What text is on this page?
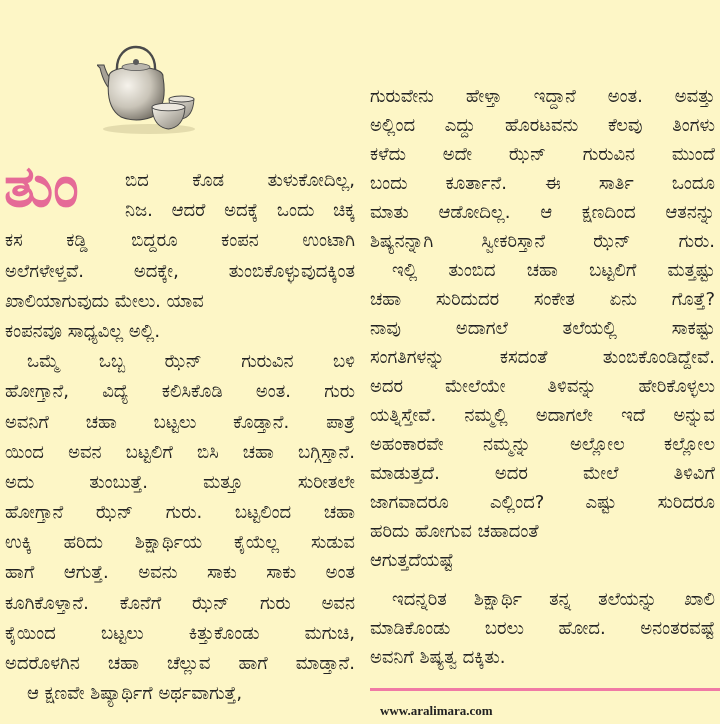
ತುಂ	ಬಿದ ಕೊಡ ತುಳುಕೋದಿಲ್ಲ,
ನಿಜ. ಆದರೆ ಅದಕ್ಕೆ ಒಂದು ಚಿಕ್ಕ
ಕಸ ಕಡ್ಡಿ ಬಿದ್ದರೂ ಕಂಪನ ಉಂಟಾಗಿ
ಅಲೆಗಳೇಳ್ತವೆ. ಅದಕ್ಕೇ, ತುಂಬಿಕೊಳ್ಳುವುದಕ್ಕಿಂತ
ಖಾಲಿಯಾಗುವುದು ಮೇಲು. ಯಾವ
ಕಂಪನವೂ ಸಾಧ್ಯವಿಲ್ಲ ಅಲ್ಲಿ.
ಒಮ್ಮೆ ಒಬ್ಬ ಝೆನ್ ಗುರುವಿನ ಬಳಿ
ಹೋಗ್ತಾನೆ, ವಿದ್ಯೆ ಕಲಿಸಿಕೊಡಿ ಅಂತ. ಗುರು
ಅವನಿಗೆ ಚಹಾ ಬಟ್ಟಲು ಕೊಡ್ತಾನೆ. ಪಾತ್ರೆ
ಯಿಂದ ಅವನ ಬಟ್ಟಲಿಗೆ ಬಿಸಿ ಚಹಾ ಬಗ್ಗಿಸ್ತಾನೆ.
ಅದು ತುಂಬುತ್ತೆ. ಮತ್ತೂ ಸುರೀತಲೇ
ಹೋಗ್ತಾನೆ ಝೆನ್ ಗುರು. ಬಟ್ಟಲಿಂದ ಚಹಾ
ಉಕ್ಕಿ ಹರಿದು ಶಿಕ್ಷಾರ್ಥಿಯ ಕೈಯೆಲ್ಲ ಸುಡುವ
ಹಾಗೆ ಆಗುತ್ತೆ. ಅವನು ಸಾಕು ಸಾಕು ಅಂತ
ಕೂಗಿಕೊಳ್ತಾನೆ. ಕೊನೆಗೆ ಝೆನ್ ಗುರು ಅವನ
ಕೈಯಿಂದ ಬಟ್ಟಲು ಕಿತ್ತುಕೊಂಡು ಮಗುಚಿ,
ಅದರೊಳಗಿನ ಚಹಾ ಚೆಲ್ಲುವ ಹಾಗೆ ಮಾಡ್ತಾನೆ.
ಆ ಕ್ಷಣವೇ ಶಿಷ್ಯಾರ್ಥಿಗೆ ಅರ್ಥವಾಗುತ್ತೆ,
ಗುರುವೇನು ಹೇಳ್ತಾ ಇದ್ದಾನೆ ಅಂತ. ಅವತ್ತು
ಅಲ್ಲಿಂದ ಎದ್ದು ಹೊರಟವನು ಕೆಲವು ತಿಂಗಳು
ಕಳೆದು ಅದೇ ಝೆನ್ ಗುರುವಿನ ಮುಂದೆ
ಬಂದು ಕೂರ್ತಾನೆ. ಈ ಸಾರ್ತಿ ಒಂದೂ
ಮಾತು ಆಡೋದಿಲ್ಲ. ಆ ಕ್ಷಣದಿಂದ ಆತನನ್ನು
ಶಿಷ್ಯನನ್ನಾಗಿ ಸ್ವೀಕರಿಸ್ತಾನೆ ಝೆನ್ ಗುರು.
ಇಲ್ಲಿ ತುಂಬಿದ ಚಹಾ ಬಟ್ಟಲಿಗೆ ಮತ್ತಷ್ಟು
ಚಹಾ ಸುರಿದುದರ ಸಂಕೇತ ಏನು ಗೊತ್ತೆ?
ನಾವು ಅದಾಗಲೆ ತಲೆಯಲ್ಲಿ ಸಾಕಷ್ಟು
ಸಂಗತಿಗಳನ್ನು ಕಸದಂತೆ ತುಂಬಿಕೊಂಡಿದ್ದೇವೆ.
ಅದರ ಮೇಲೆಯೇ ತಿಳಿವನ್ನು ಹೇರಿಕೊಳ್ಳಲು
ಯತ್ನಿಸ್ತೇವೆ. ನಮ್ಮಲ್ಲಿ ಅದಾಗಲೇ ಇದೆ ಅನ್ನುವ
ಅಹಂಕಾರವೇ ನಮ್ಮನ್ನು ಅಲ್ಲೋಲ ಕಲ್ಲೋಲ
ಮಾಡುತ್ತದೆ. ಅದರ ಮೇಲೆ ತಿಳಿವಿಗೆ
ಜಾಗವಾದರೂ ಎಲ್ಲಿಂದ? ಎಷ್ಟು ಸುರಿದರೂ
ಹರಿದು ಹೋಗುವ ಚಹಾದಂತೆ
ಆಗುತ್ತದೆಯಷ್ಟೆ
ಇದನ್ನರಿತ ಶಿಕ್ಷಾರ್ಥಿ ತನ್ನ ತಲೆಯನ್ನು ಖಾಲಿ
ಮಾಡಿಕೊಂಡು ಬರಲು ಹೋದ. ಅನಂತರವಷ್ಟೆ
ಅವನಿಗೆ ಶಿಷ್ಯತ್ವ ದಕ್ಕಿತು.
www.aralimara.com
